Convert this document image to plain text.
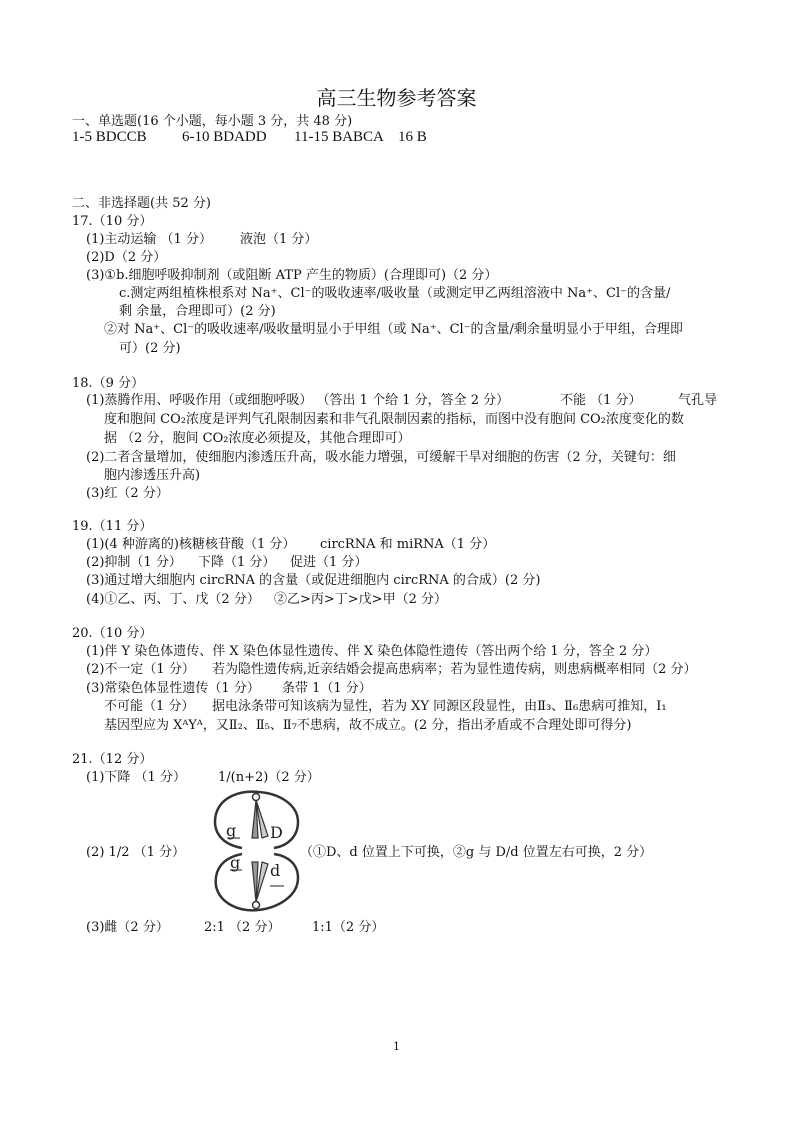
高三生物参考答案
一、单选题(16 个小题，每小题 3 分，共 48 分)
1-5 BDCCB 6-10 BDADD 11-15 BABCA 16 B
二、非选择题(共 52 分)
17.（10 分）
(1)主动运输 （1 分） 液泡（1 分）
(2)D（2 分）
(3)①b.细胞呼吸抑制剂（或阻断 ATP 产生的物质）(合理即可)（2 分）
c.测定两组植株根系对 Na⁺、Cl⁻的吸收速率/吸收量（或测定甲乙两组溶液中 Na⁺、Cl⁻的含量/
剩 余量，合理即可）(2 分)
②对 Na⁺、Cl⁻的吸收速率/吸收量明显小于甲组（或 Na⁺、Cl⁻的含量/剩余量明显小于甲组，合理即
可）(2 分)
18.（9 分）
(1)蒸腾作用、呼吸作用（或细胞呼吸） （答出 1 个给 1 分，答全 2 分）	不能 （1 分）	气孔导
度和胞间 CO₂浓度是评判气孔限制因素和非气孔限制因素的指标，而图中没有胞间 CO₂浓度变化的数
据 （2 分，胞间 CO₂浓度必须提及，其他合理即可）
(2)二者含量增加，使细胞内渗透压升高，吸水能力增强，可缓解干旱对细胞的伤害（2 分，关键句：细
胞内渗透压升高)
(3)红（2 分）
19.（11 分）
(1)(4 种游离的)核糖核苷酸（1 分） circRNA 和 miRNA（1 分）
(2)抑制（1 分） 下降（1 分） 促进（1 分）
(3)通过增大细胞内 circRNA 的含量（或促进细胞内 circRNA 的合成）(2 分)
(4)①乙、丙、丁、戊（2 分） ②乙>丙>丁>戊>甲（2 分）
20.（10 分）
(1)伴 Y 染色体遗传、伴 X 染色体显性遗传、伴 X 染色体隐性遗传（答出两个给 1 分，答全 2 分）
(2)不一定（1 分） 若为隐性遗传病,近亲结婚会提高患病率；若为显性遗传病，则患病概率相同（2 分）
(3)常染色体显性遗传（1 分） 条带 1（1 分）
不可能（1 分） 据电泳条带可知该病为显性，若为 XY 同源区段显性，由Ⅱ₃、Ⅱ₆患病可推知，Ⅰ₁
基因型应为 XᴬYᴬ，又Ⅱ₂、Ⅱ₅、Ⅱ₇不患病，故不成立。(2 分，指出矛盾或不合理处即可得分)
21.（12 分）
(1)下降 （1 分） 1/(n+2)（2 分）
(2) 1/2 （1 分）
g D
g d
（①D、d 位置上下可换，②g 与 D/d 位置左右可换，2 分）
(3)雌（2 分）	2:1 （2 分） 1:1（2 分）
1
